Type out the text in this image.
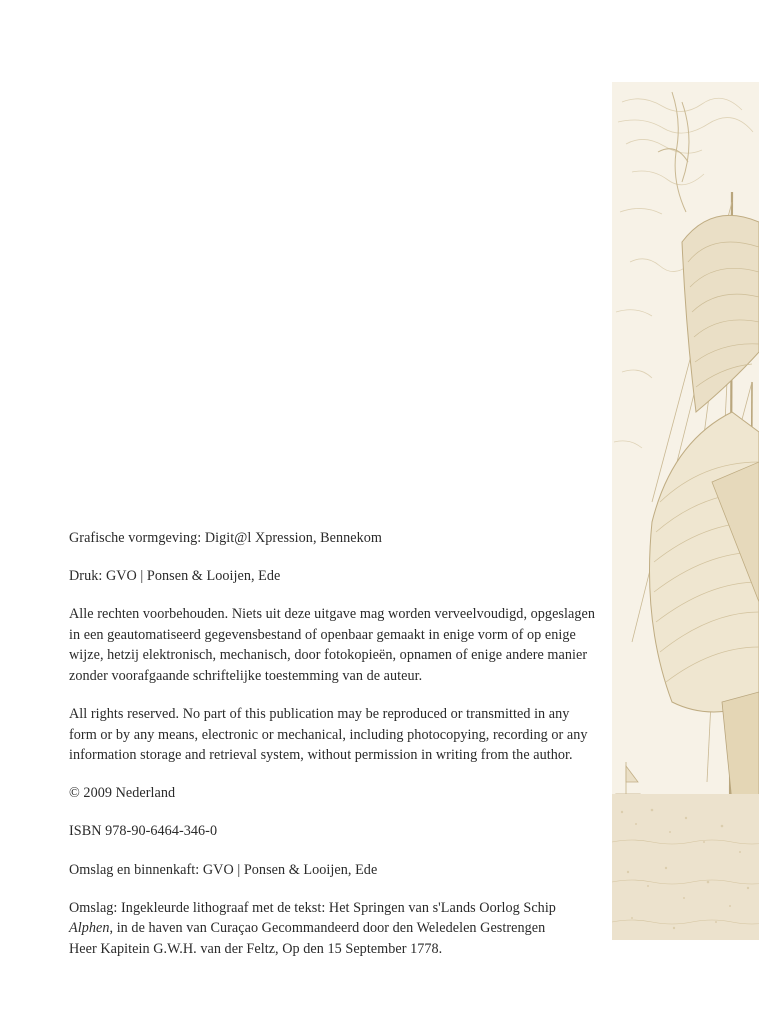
Grafische vormgeving: Digit@l Xpression, Bennekom

Druk: GVO | Ponsen & Looijen, Ede

Alle rechten voorbehouden. Niets uit deze uitgave mag worden verveelvoudigd, opgeslagen
in een geautomatiseerd gegevensbestand of openbaar gemaakt in enige vorm of op enige
wijze, hetzij elektronisch, mechanisch, door fotokopieën, opnamen of enige andere manier
zonder voorafgaande schriftelijke toestemming van de auteur.

All rights reserved. No part of this publication may be reproduced or transmitted in any
form or by any means, electronic or mechanical, including photocopying, recording or any
information storage and retrieval system, without permission in writing from the author.

© 2009 Nederland

ISBN 978-90-6464-346-0

Omslag en binnenkaft: GVO | Ponsen & Looijen, Ede

Omslag: Ingekleurde lithograaf met de tekst: Het Springen van s'Lands Oorlog Schip
Alphen, in de haven van Curaçao Gecommandeerd door den Weledelen Gestrengen
Heer Kapitein G.W.H. van der Feltz, Op den 15 September 1778.
